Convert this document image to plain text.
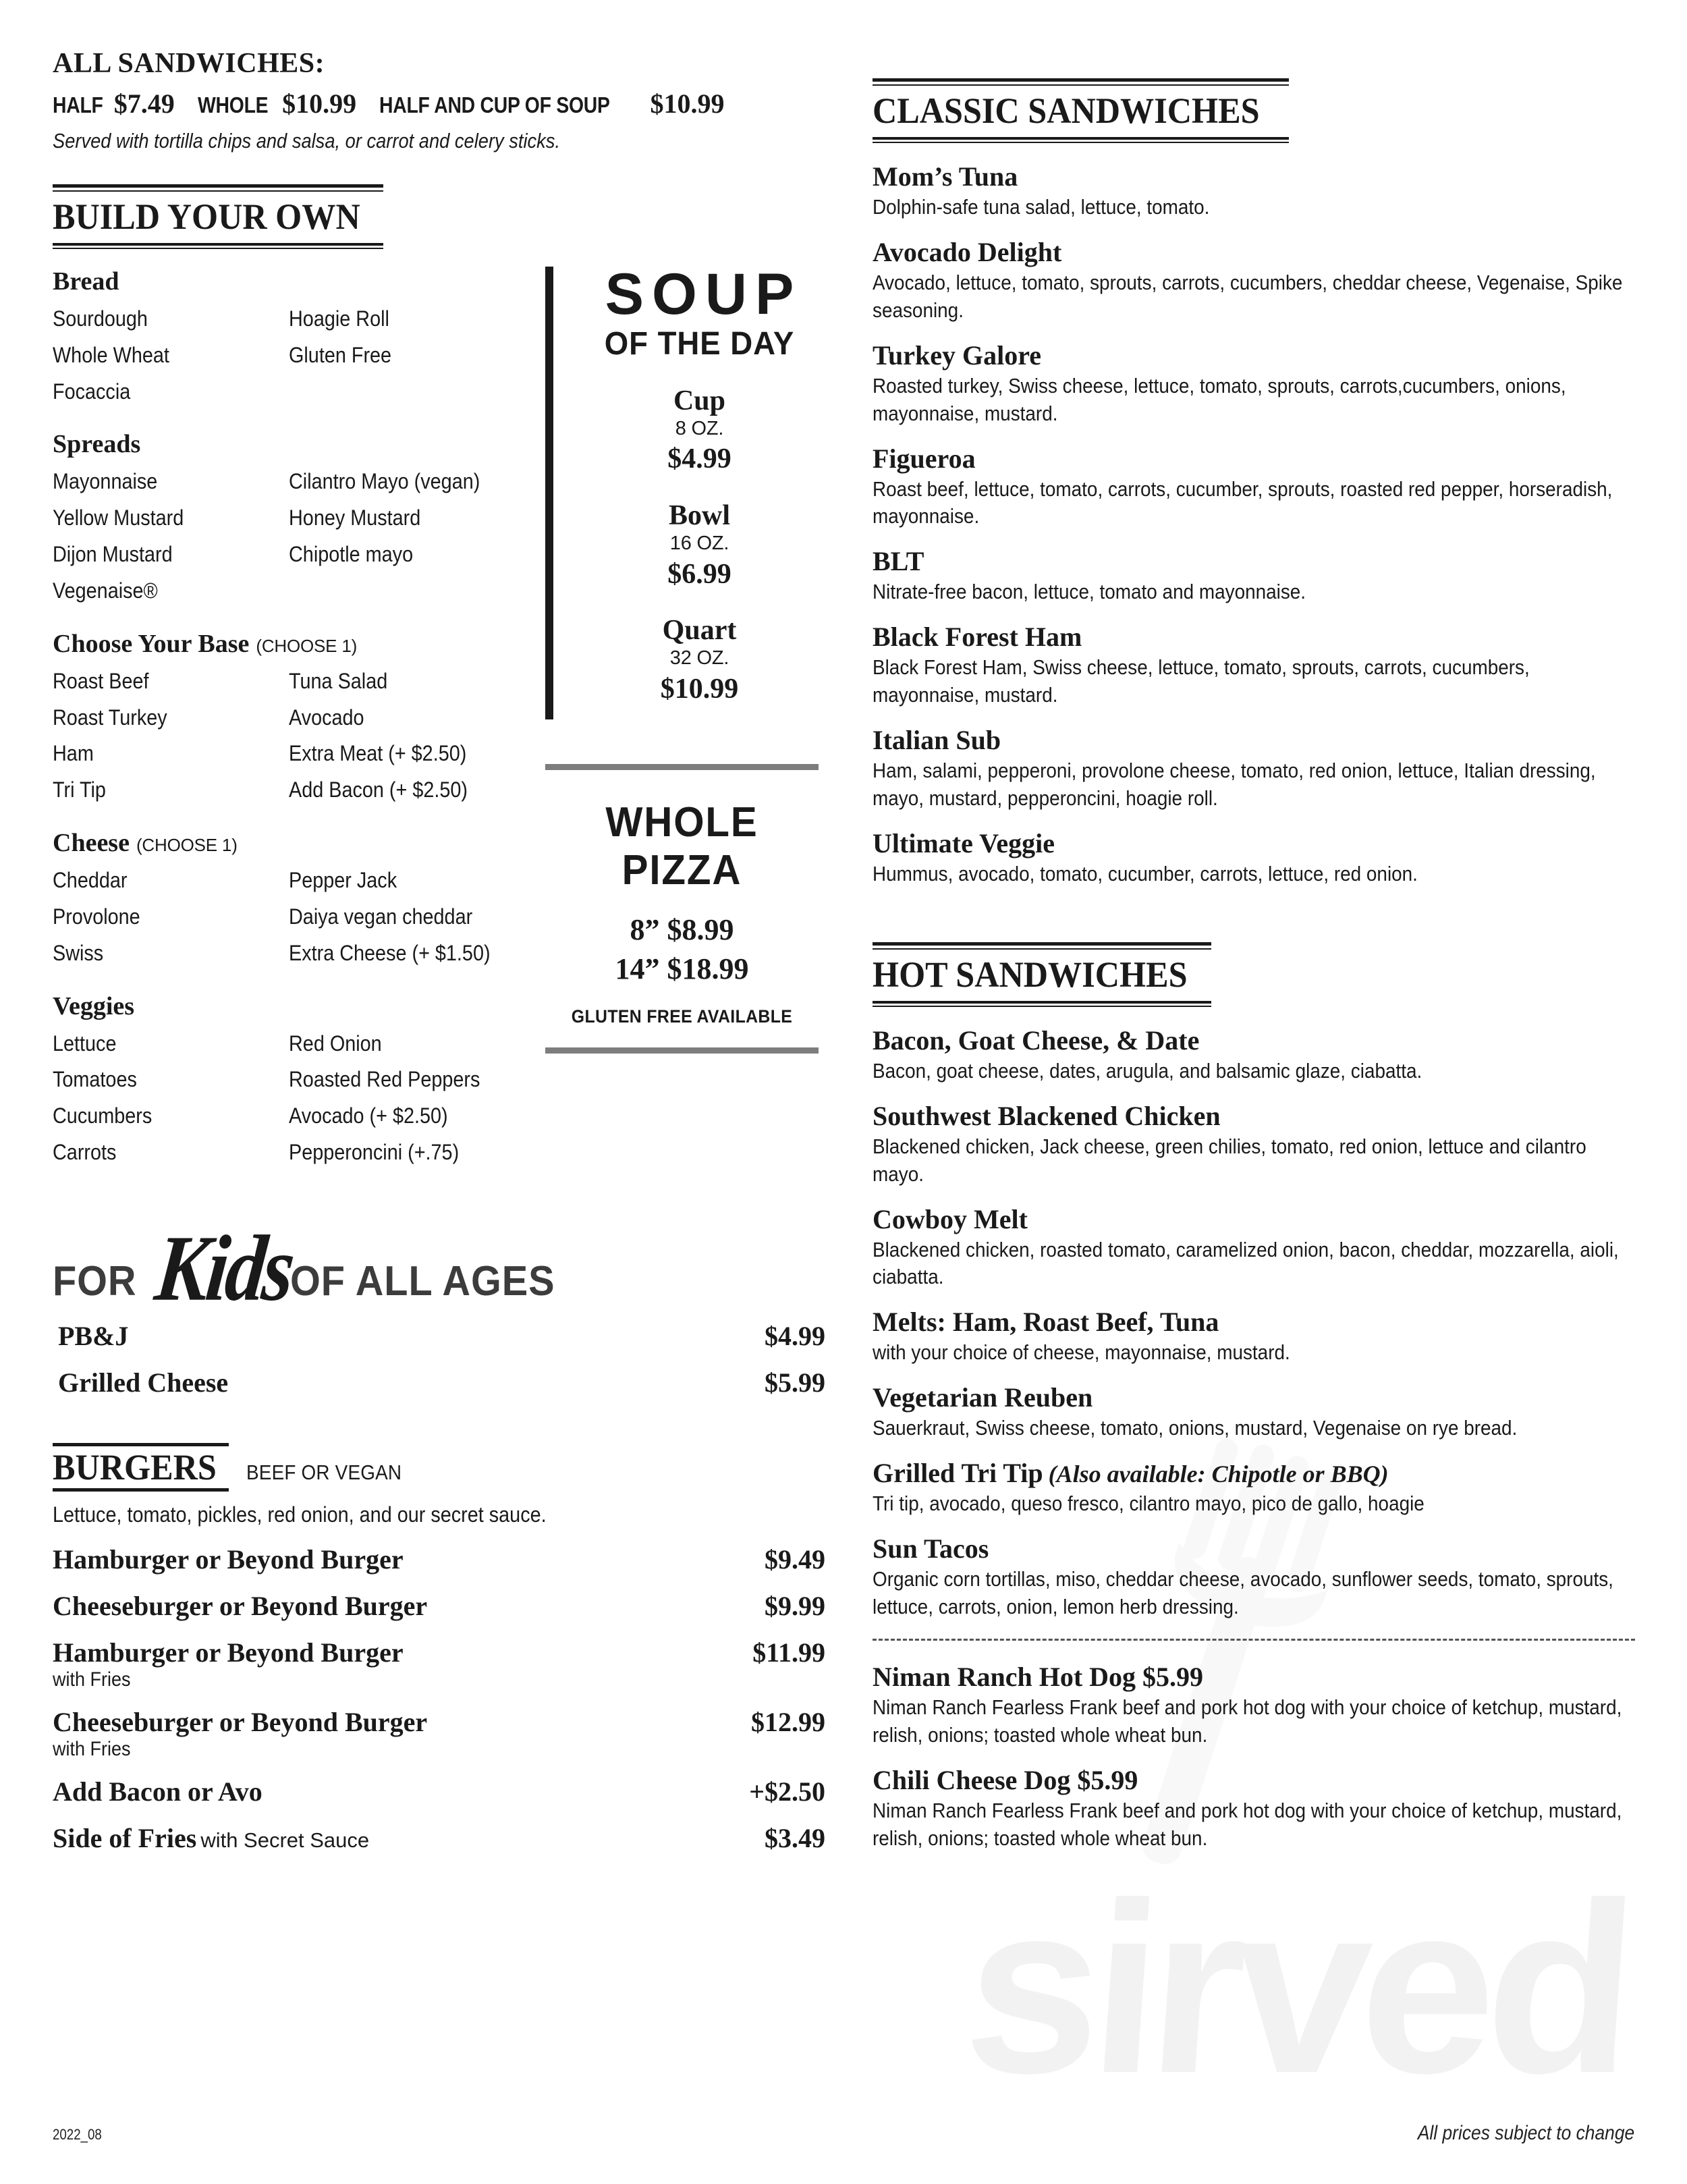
sirved
ALL SANDWICHES:
HALF $7.49 WHOLE $10.99 HALF AND CUP OF SOUP $10.99
Served with tortilla chips and salsa, or carrot and celery sticks.
BUILD YOUR OWN
Bread
Sourdough	Hoagie Roll
Whole Wheat	Gluten Free
Focaccia
Spreads
Mayonnaise	Cilantro Mayo (vegan)
Yellow Mustard	Honey Mustard
Dijon Mustard	Chipotle mayo
Vegenaise®
Choose Your Base (CHOOSE 1)
Roast Beef	Tuna Salad
Roast Turkey	Avocado
Ham	Extra Meat (+ $2.50)
Tri Tip	Add Bacon (+ $2.50)
Cheese (CHOOSE 1)
Cheddar	Pepper Jack
Provolone	Daiya vegan cheddar
Swiss	Extra Cheese (+ $1.50)
Veggies
Lettuce	Red Onion
Tomatoes	Roasted Red Peppers
Cucumbers	Avocado (+ $2.50)
Carrots	Pepperoncini (+.75)
SOUP
OF THE DAY
Cup
8 OZ.
$4.99
Bowl
16 OZ.
$6.99
Quart
32 OZ.
$10.99
WHOLE PIZZA
8” $8.99
14” $18.99
GLUTEN FREE AVAILABLE
FOR Kids
OF ALL AGES
PB&J	$4.99
Grilled Cheese	$5.99
BURGERS BEEF OR VEGAN
Lettuce, tomato, pickles, red onion, and our secret sauce.
Hamburger or Beyond Burger	$9.49
Cheeseburger or Beyond Burger	$9.99
Hamburger or Beyond Burger	$11.99
with Fries
Cheeseburger or Beyond Burger	$12.99
with Fries
Add Bacon or Avo	+$2.50
Side of Fries with Secret Sauce	$3.49
CLASSIC SANDWICHES
Mom’s Tuna

Dolphin-safe tuna salad, lettuce, tomato.

Avocado Delight

Avocado, lettuce, tomato, sprouts, carrots, cucumbers, cheddar cheese, Vegenaise, Spike seasoning.

Turkey Galore

Roasted turkey, Swiss cheese, lettuce, tomato, sprouts, carrots,cucumbers, onions, mayonnaise, mustard.

Figueroa

Roast beef, lettuce, tomato, carrots, cucumber, sprouts, roasted red pepper, horseradish, mayonnaise.

BLT

Nitrate-free bacon, lettuce, tomato and mayonnaise.

Black Forest Ham

Black Forest Ham, Swiss cheese, lettuce, tomato, sprouts, carrots, cucumbers, mayonnaise, mustard.

Italian Sub

Ham, salami, pepperoni, provolone cheese, tomato, red onion, lettuce, Italian dressing, mayo, mustard, pepperoncini, hoagie roll.

Ultimate Veggie

Hummus, avocado, tomato, cucumber, carrots, lettuce, red onion.

HOT SANDWICHES
Bacon, Goat Cheese, & Date

Bacon, goat cheese, dates, arugula, and balsamic glaze, ciabatta.

Southwest Blackened Chicken

Blackened chicken, Jack cheese, green chilies, tomato, red onion, lettuce and cilantro mayo.

Cowboy Melt

Blackened chicken, roasted tomato, caramelized onion, bacon, cheddar, mozzarella, aioli, ciabatta.

Melts: Ham, Roast Beef, Tuna

with your choice of cheese, mayonnaise, mustard.

Vegetarian Reuben

Sauerkraut, Swiss cheese, tomato, onions, mustard, Vegenaise on rye bread.

Grilled Tri Tip (Also available: Chipotle or BBQ)

Tri tip, avocado, queso fresco, cilantro mayo, pico de gallo, hoagie

Sun Tacos

Organic corn tortillas, miso, cheddar cheese, avocado, sunflower seeds, tomato, sprouts, lettuce, carrots, onion, lemon herb dressing.

Niman Ranch Hot Dog $5.99

Niman Ranch Fearless Frank beef and pork hot dog with your choice of ketchup, mustard, relish, onions; toasted whole wheat bun.

Chili Cheese Dog $5.99

Niman Ranch Fearless Frank beef and pork hot dog with your choice of ketchup, mustard, relish, onions; toasted whole wheat bun.

2022_08	All prices subject to change
